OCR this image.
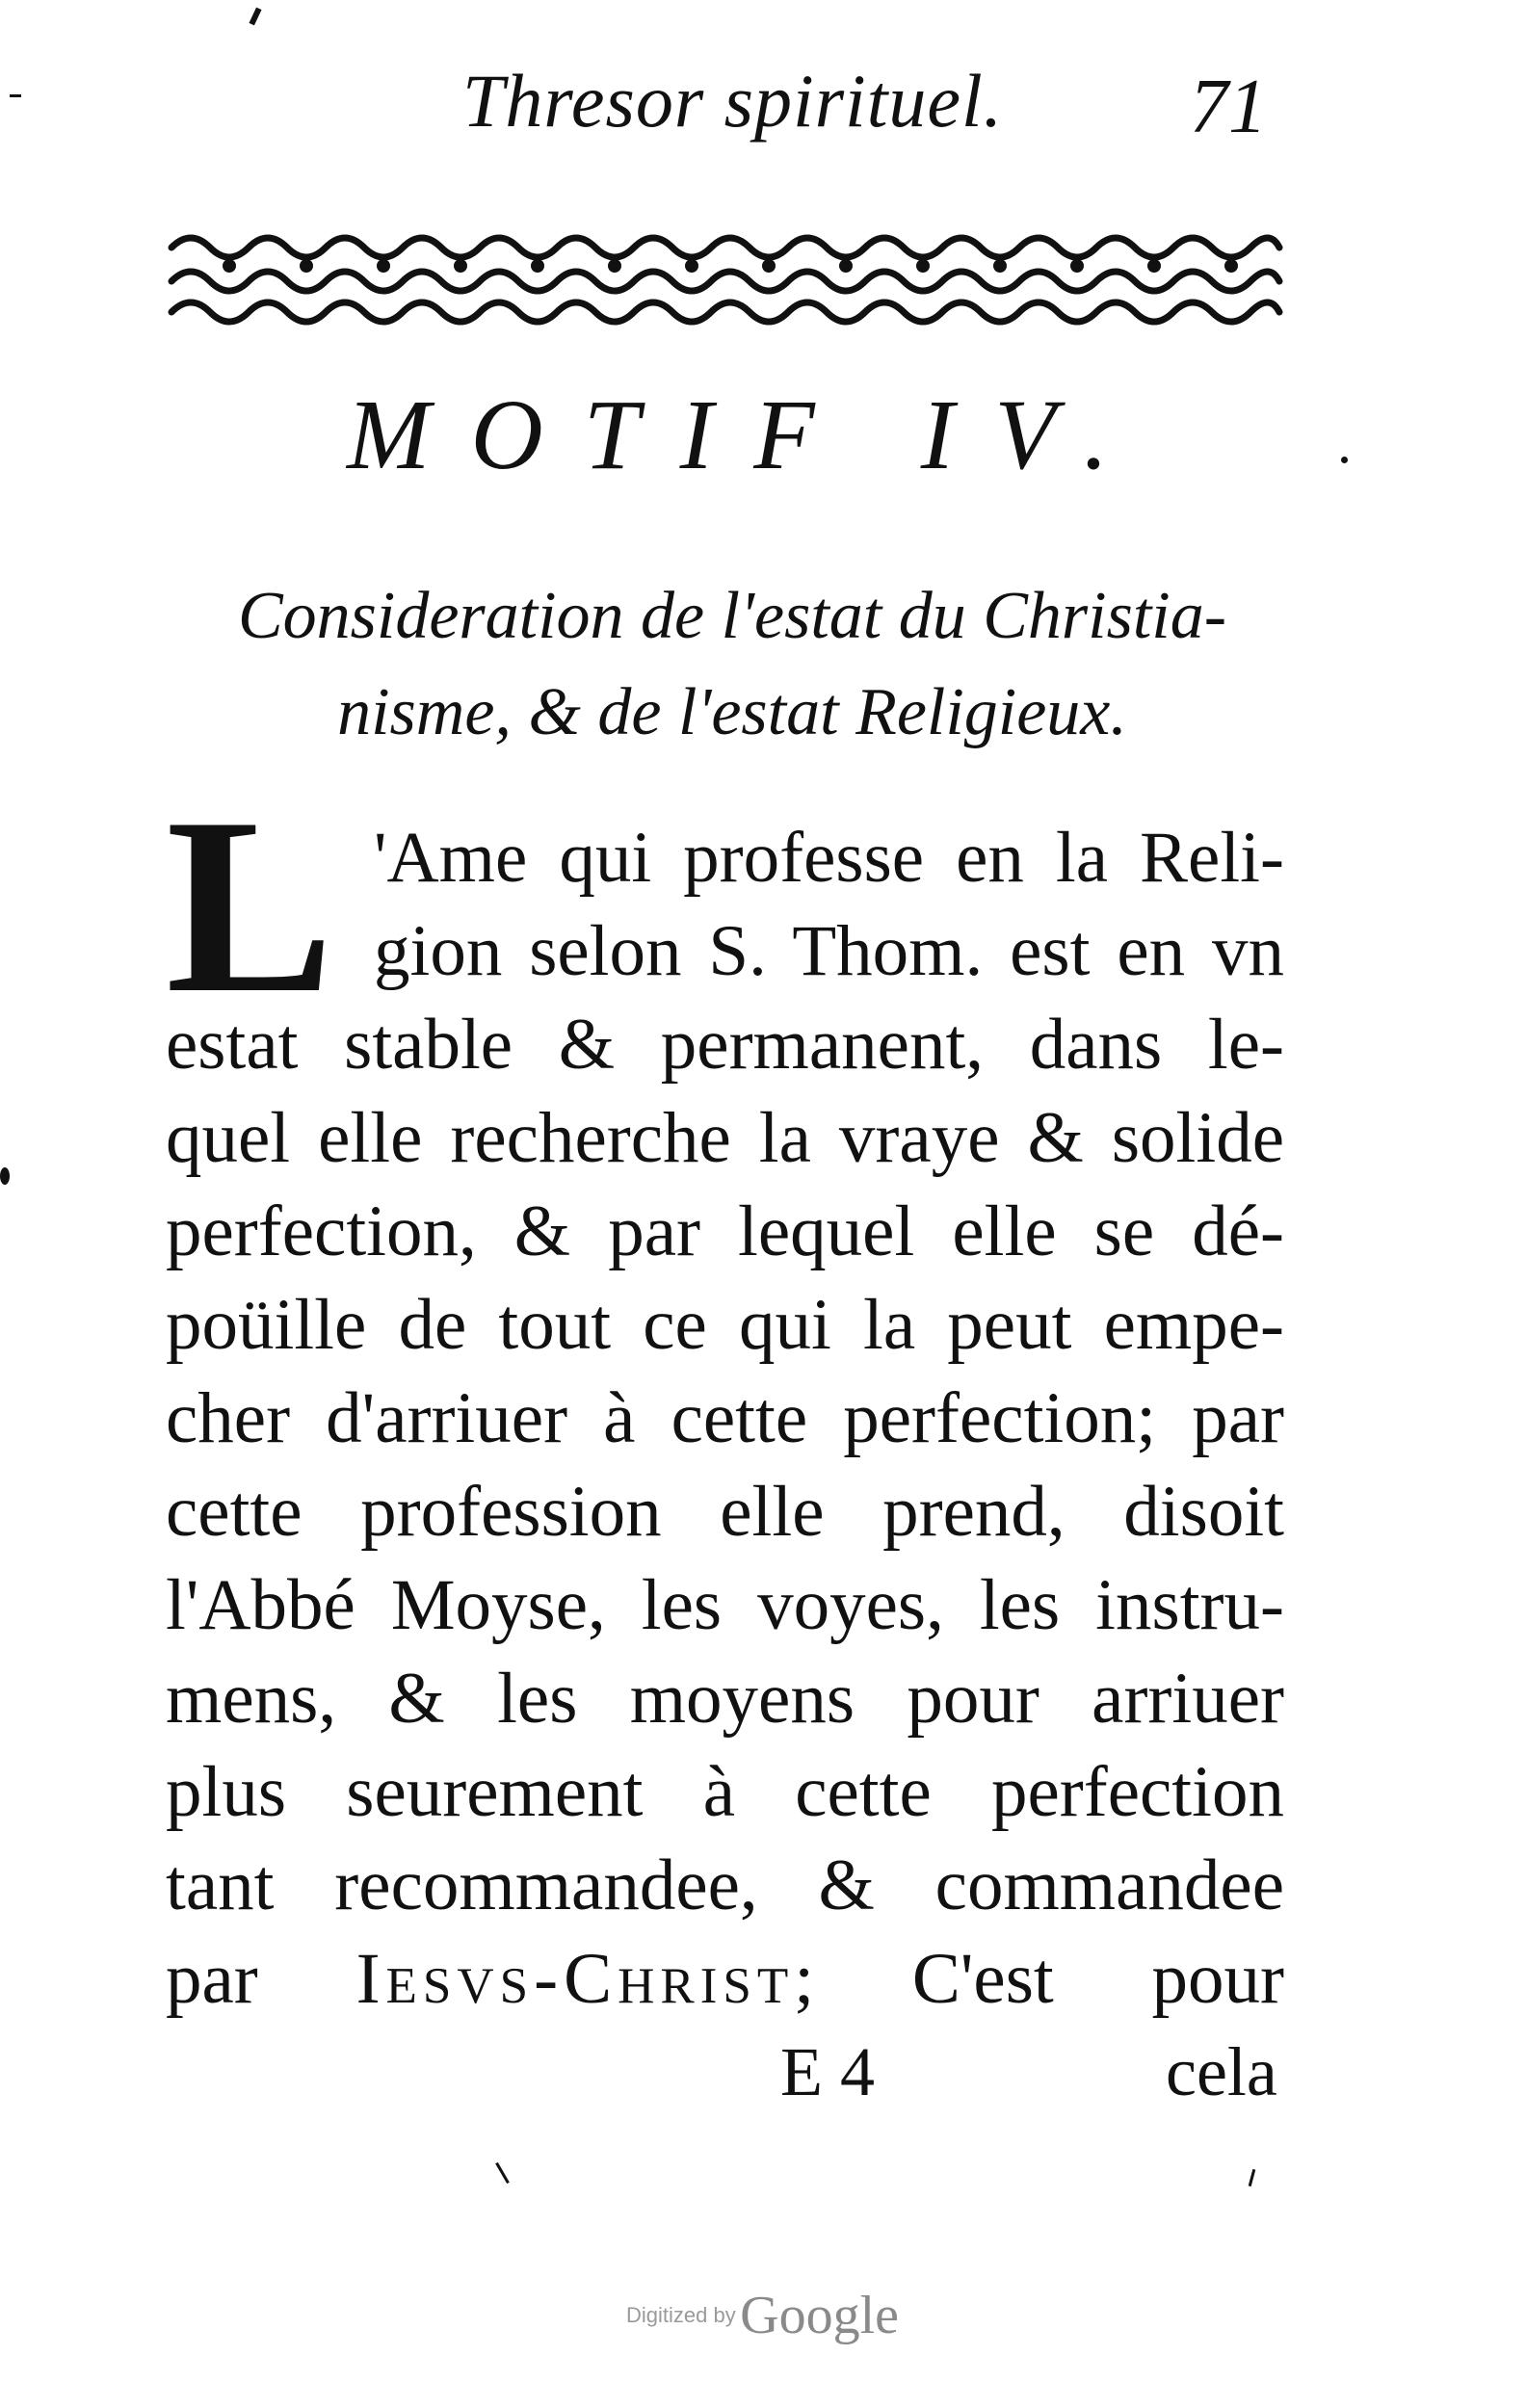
Thresor spirituel. 71
MOTIF IV.
Consideration de l'estat du Christia-
nisme, & de l'estat Religieux.
L 'Ame qui professe en la Reli-
gion selon S. Thom. est en vn
estat stable & permanent, dans le-
quel elle recherche la vraye & solide
perfection, & par lequel elle se dé-
poüille de tout ce qui la peut empe-
cher d'arriuer à cette perfection; par
cette profession elle prend, disoit
l'Abbé Moyse, les voyes, les instru-
mens, & les moyens pour arriuer
plus seurement à cette perfection
tant recommandee, & commandee
par Iesvs-Christ; C'est pour
E 4	cela
Digitized by Google
